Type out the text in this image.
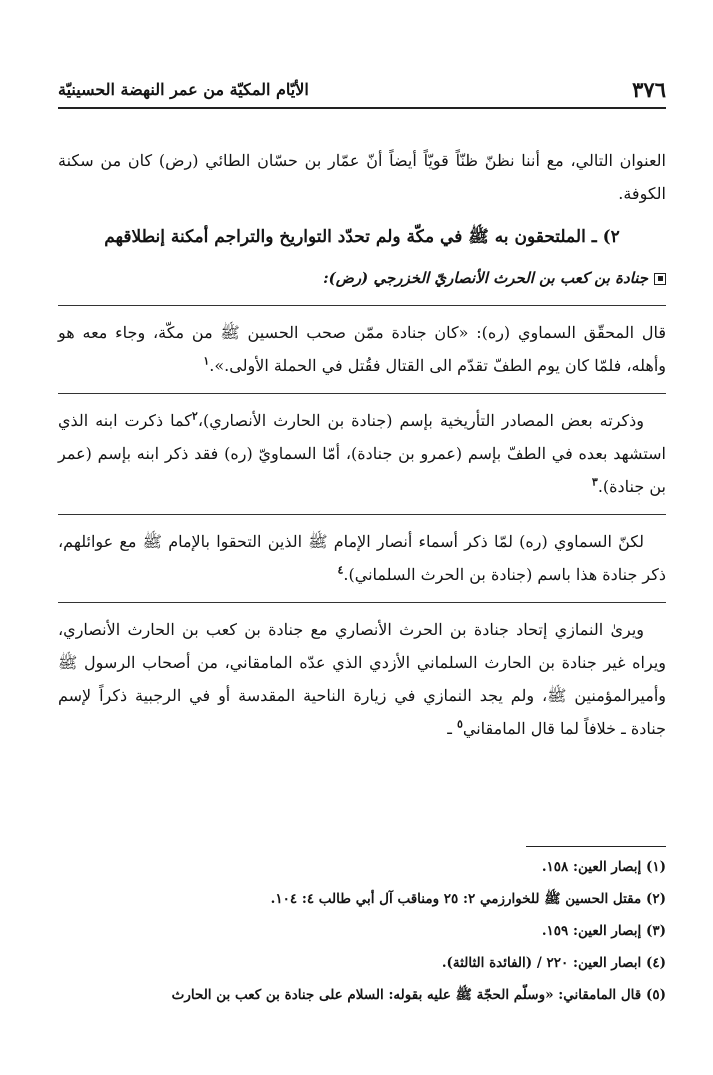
٣٧٦
الأيّام المكيّة من عمر النهضة الحسينيّة

العنوان التالي، مع أننا نظنّ ظنّاً قويّاً أيضاً أنّ عمّار بن حسّان الطائي (رض) كان من سكنة الكوفة.

٢) ـ الملتحقون به ﷺ في مكّة ولم تحدّد التواريخ والتراجم أمكنة إنطلاقهم

جنادة بن كعب بن الحرث الأنصاريّ الخزرجي (رض):

قال المحقّق السماوي (ره): «كان جنادة ممّن صحب الحسين ﷺ من مكّة، وجاء معه هو وأهله، فلمّا كان يوم الطفّ تقدّم الى القتال فقُتل في الحملة الأولى.».$^١$

وذكرته بعض المصادر التأريخية بإسم (جنادة بن الحارث الأنصاري)،$^٢$كما ذكرت ابنه الذي استشهد بعده في الطفّ بإسم (عمرو بن جنادة)، أمّا السماويّ (ره) فقد ذكر ابنه بإسم (عمر بن جنادة).$^٣$

لكنّ السماوي (ره) لمّا ذكر أسماء أنصار الإمام ﷺ الذين التحقوا بالإمام ﷺ مع عوائلهم، ذكر جنادة هذا باسم (جنادة بن الحرث السلماني).$^٤$

ويرىٰ النمازي إتحاد جنادة بن الحرث الأنصاري مع جنادة بن كعب بن الحارث الأنصاري، ويراه غير جنادة بن الحارث السلماني الأزدي الذي عدّه المامقاني، من أصحاب الرسول ﷺ وأميرالمؤمنين ﷺ، ولم يجد النمازي في زيارة الناحية المقدسة أو في الرجبية ذكراً لإسم جنادة ـ خلافاً لما قال المامقاني$^٥$ ـ

(١) إبصار العين: ١٥٨.

(٢) مقتل الحسين ﷺ للخوارزمي ٢: ٢٥ ومناقب آل أبي طالب ٤: ١٠٤.

(٣) إبصار العين: ١٥٩.

(٤) ابصار العين: ٢٢٠ / (الفائدة الثالثة).

(٥) قال المامقاني: «وسلّم الحجّة ﷺ عليه بقوله: السلام على جنادة بن كعب بن الحارث
